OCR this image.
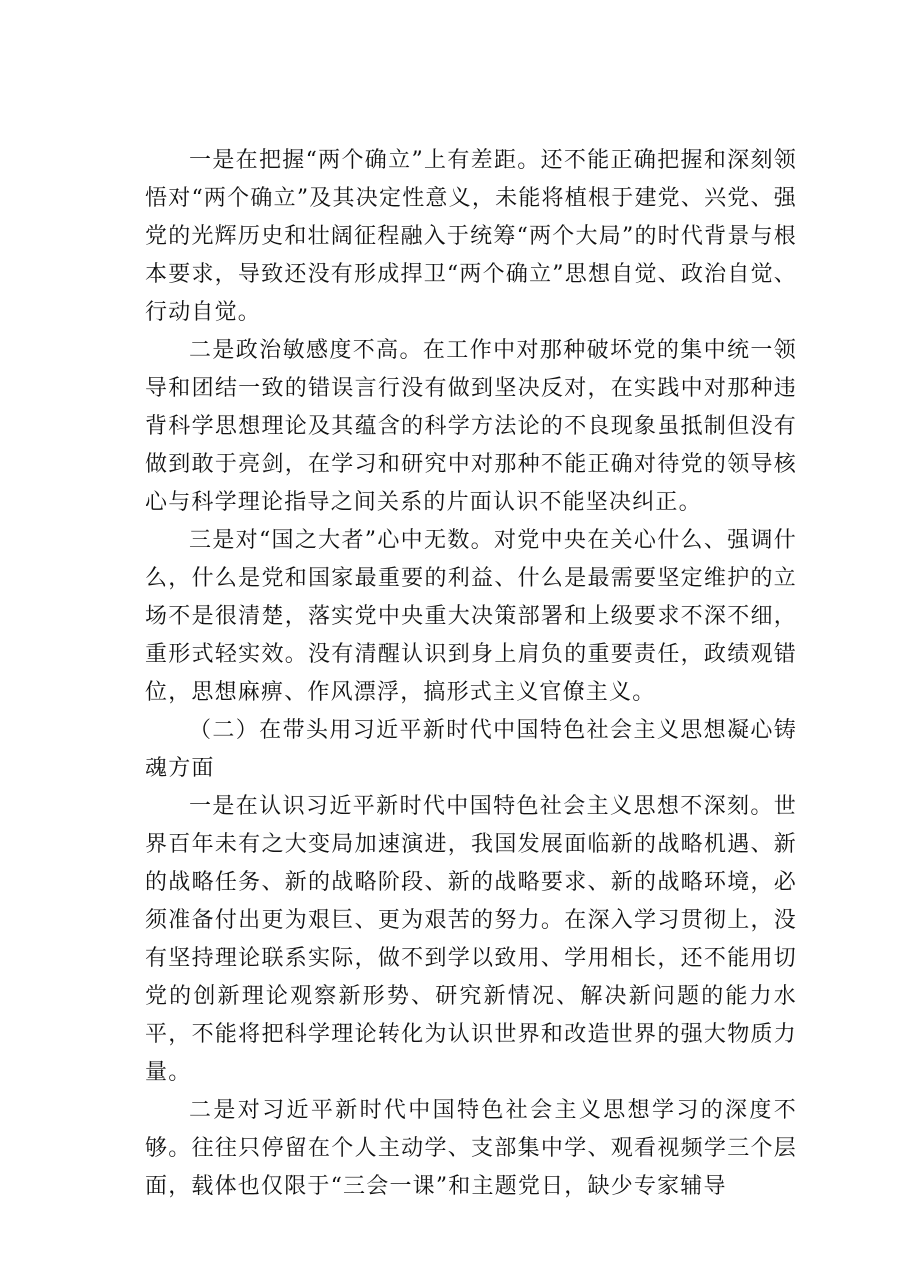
一是在把握“两个确立”上有差距。还不能正确把握和深刻领悟对“两个确立”及其决定性意义，未能将植根于建党、兴党、强党的光辉历史和壮阔征程融入于统筹“两个大局”的时代背景与根本要求，导致还没有形成捍卫“两个确立”思想自觉、政治自觉、行动自觉。

二是政治敏感度不高。在工作中对那种破坏党的集中统一领导和团结一致的错误言行没有做到坚决反对，在实践中对那种违背科学思想理论及其蕴含的科学方法论的不良现象虽抵制但没有做到敢于亮剑，在学习和研究中对那种不能正确对待党的领导核心与科学理论指导之间关系的片面认识不能坚决纠正。

三是对“国之大者”心中无数。对党中央在关心什么、强调什么，什么是党和国家最重要的利益、什么是最需要坚定维护的立场不是很清楚，落实党中央重大决策部署和上级要求不深不细，重形式轻实效。没有清醒认识到身上肩负的重要责任，政绩观错位，思想麻痹、作风漂浮，搞形式主义官僚主义。

（二）在带头用习近平新时代中国特色社会主义思想凝心铸魂方面

一是在认识习近平新时代中国特色社会主义思想不深刻。世界百年未有之大变局加速演进，我国发展面临新的战略机遇、新的战略任务、新的战略阶段、新的战略要求、新的战略环境，必须准备付出更为艰巨、更为艰苦的努力。在深入学习贯彻上，没有坚持理论联系实际，做不到学以致用、学用相长，还不能用切党的创新理论观察新形势、研究新情况、解决新问题的能力水平，不能将把科学理论转化为认识世界和改造世界的强大物质力量。

二是对习近平新时代中国特色社会主义思想学习的深度不够。往往只停留在个人主动学、支部集中学、观看视频学三个层面，载体也仅限于“三会一课”和主题党日，缺少专家辅导
